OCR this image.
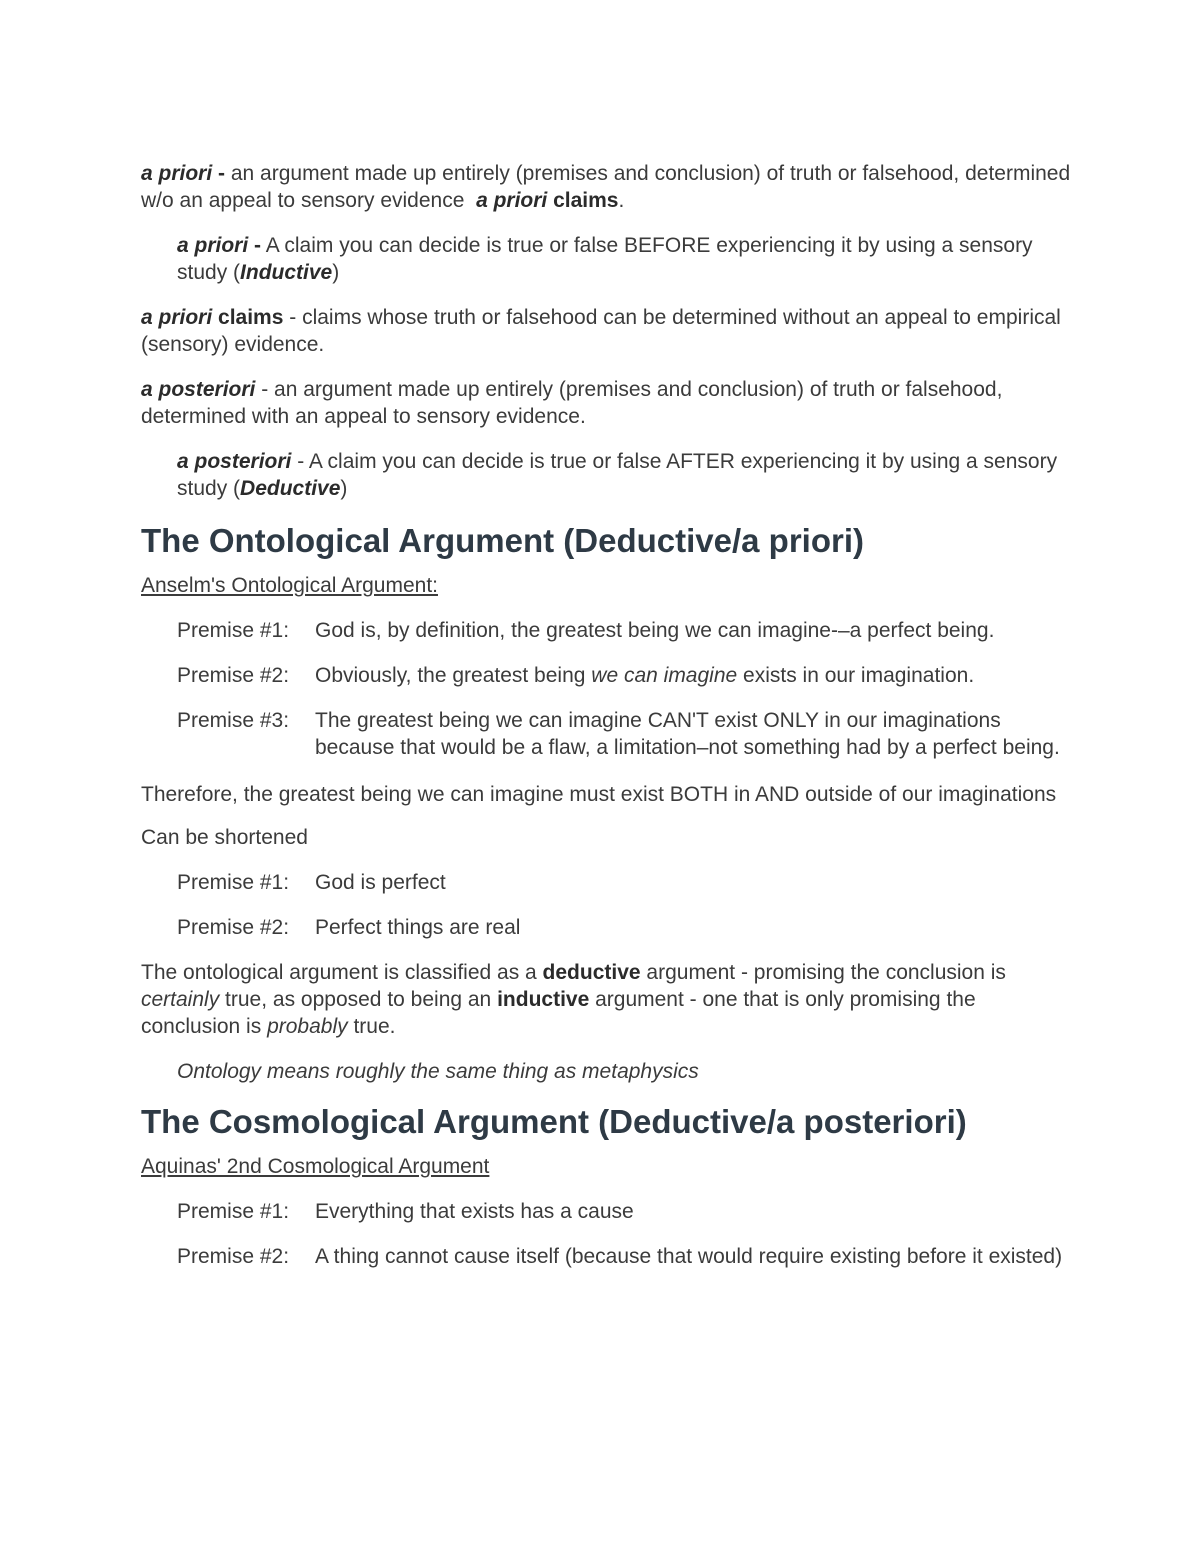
a priori - an argument made up entirely (premises and conclusion) of truth or falsehood, determined w/o an appeal to sensory evidence a priori claims.

a priori - A claim you can decide is true or false BEFORE experiencing it by using a sensory study (Inductive)

a priori claims - claims whose truth or falsehood can be determined without an appeal to empirical (sensory) evidence.

a posteriori - an argument made up entirely (premises and conclusion) of truth or falsehood, determined with an appeal to sensory evidence.

a posteriori - A claim you can decide is true or false AFTER experiencing it by using a sensory study (Deductive)

The Ontological Argument (Deductive/a priori)

Anselm's Ontological Argument:

Premise #1:	God is, by definition, the greatest being we can imagine-–a perfect being.

Premise #2:	Obviously, the greatest being we can imagine exists in our imagination.

Premise #3:	The greatest being we can imagine CAN'T exist ONLY in our imaginations because that would be a flaw, a limitation–not something had by a perfect being.

Therefore, the greatest being we can imagine must exist BOTH in AND outside of our imaginations

Can be shortened

Premise #1:	God is perfect

Premise #2:	Perfect things are real

The ontological argument is classified as a deductive argument - promising the conclusion is certainly true, as opposed to being an inductive argument - one that is only promising the conclusion is probably true.

Ontology means roughly the same thing as metaphysics

The Cosmological Argument (Deductive/a posteriori)

Aquinas' 2nd Cosmological Argument

Premise #1:	Everything that exists has a cause

Premise #2:	A thing cannot cause itself (because that would require existing before it existed)
